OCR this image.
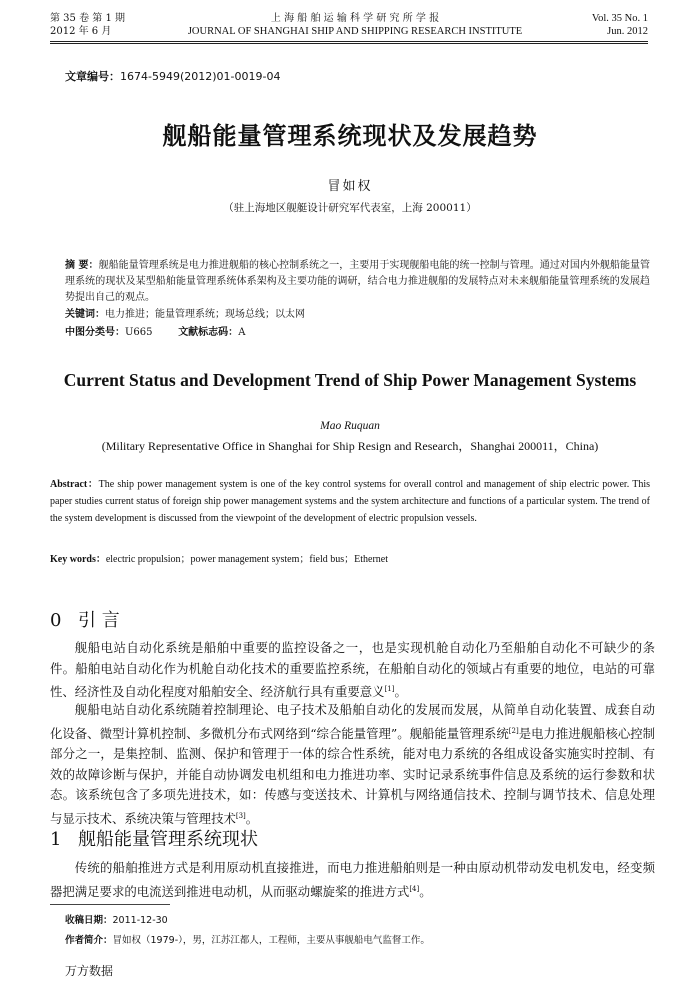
第 35 卷 第 1 期
2012 年 6 月
上 海 船 舶 运 输 科 学 研 究 所 学 报
JOURNAL OF SHANGHAI SHIP AND SHIPPING RESEARCH INSTITUTE
Vol. 35 No. 1
Jun. 2012
文章编号：1674-5949(2012)01-0019-04
舰船能量管理系统现状及发展趋势
冒如权
（驻上海地区舰艇设计研究军代表室，上海 200011）
摘 要：舰船能量管理系统是电力推进舰船的核心控制系统之一，主要用于实现舰船电能的统一控制与管理。通过对国内外舰船能量管理系统的现状及某型船舶能量管理系统体系架构及主要功能的调研，结合电力推进舰船的发展特点对未来舰船能量管理系统的发展趋势提出自己的观点。
关键词：电力推进；能量管理系统；现场总线；以太网
中图分类号：U665	文献标志码：A
Current Status and Development Trend of Ship Power Management Systems
Mao Ruquan
(Military Representative Office in Shanghai for Ship Resign and Research，Shanghai 200011，China)
Abstract：The ship power management system is one of the key control systems for overall control and management of ship electric power. This paper studies current status of foreign ship power management systems and the system architecture and functions of a particular system. The trend of the system development is discussed from the viewpoint of the development of electric propulsion vessels.
Key words：electric propulsion；power management system；field bus；Ethernet
0 引 言
舰船电站自动化系统是船舶中重要的监控设备之一，也是实现机舱自动化乃至船舶自动化不可缺少的条件。船舶电站自动化作为机舱自动化技术的重要监控系统，在船舶自动化的领域占有重要的地位，电站的可靠性、经济性及自动化程度对船舶安全、经济航行具有重要意义[1]。
舰船电站自动化系统随着控制理论、电子技术及船舶自动化的发展而发展，从简单自动化装置、成套自动化设备、微型计算机控制、多微机分布式网络到“综合能量管理”。舰船能量管理系统[2]是电力推进舰船核心控制部分之一，是集控制、监测、保护和管理于一体的综合性系统，能对电力系统的各组成设备实施实时控制、有效的故障诊断与保护，并能自动协调发电机组和电力推进功率、实时记录系统事件信息及系统的运行参数和状态。该系统包含了多项先进技术，如：传感与变送技术、计算机与网络通信技术、控制与调节技术、信息处理与显示技术、系统决策与管理技术[3]。
1 舰船能量管理系统现状
传统的船舶推进方式是利用原动机直接推进，而电力推进船舶则是一种由原动机带动发电机发电，经变频器把满足要求的电流送到推进电动机，从而驱动螺旋桨的推进方式[4]。
收稿日期：2011-12-30
作者简介：冒如权（1979-），男，江苏江都人，工程师，主要从事舰船电气监督工作。
万方数据
